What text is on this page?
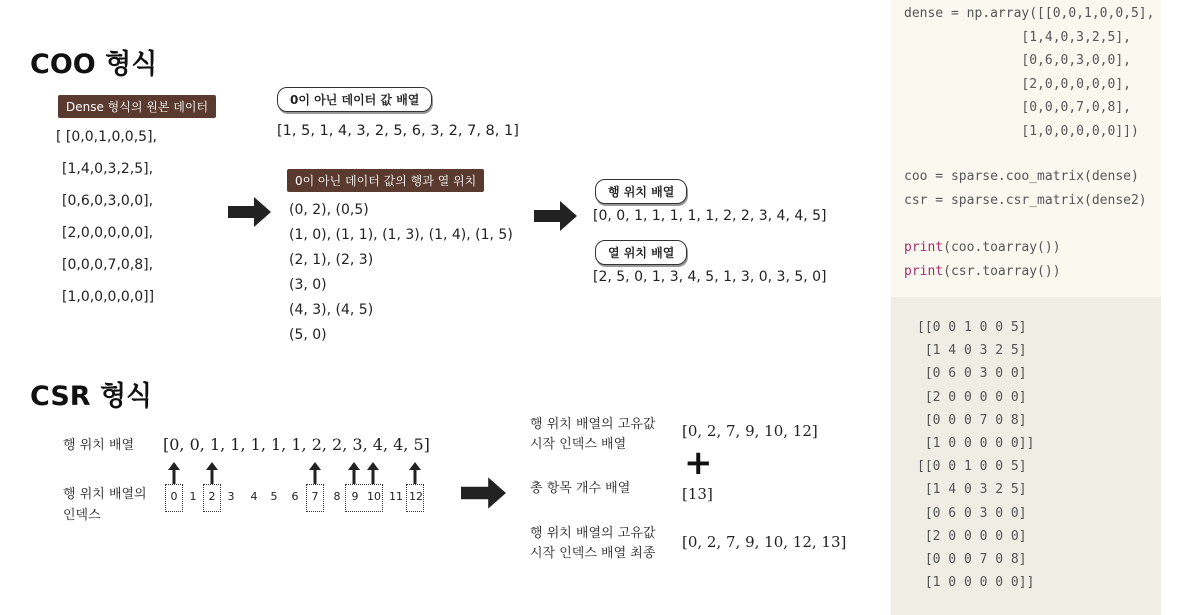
COO 형식
Dense 형식의 원본 데이터
[ [0,0,1,0,0,5],
[1,4,0,3,2,5],
[0,6,0,3,0,0],
[2,0,0,0,0,0],
[0,0,0,7,0,8],
[1,0,0,0,0,0]]
0이 아닌 데이터 값 배열
[1, 5, 1, 4, 3, 2, 5, 6, 3, 2, 7, 8, 1]
0이 아닌 데이터 값의 행과 열 위치
(0, 2), (0,5)
(1, 0), (1, 1), (1, 3), (1, 4), (1, 5)
(2, 1), (2, 3)
(3, 0)
(4, 3), (4, 5)
(5, 0)
행 위치 배열
[0, 0, 1, 1, 1, 1, 1, 2, 2, 3, 4, 4, 5]
열 위치 배열
[2, 5, 0, 1, 3, 4, 5, 1, 3, 0, 3, 5, 0]
CSR 형식
행 위치 배열 [0, 0, 1, 1, 1, 1, 1, 2, 2, 3, 4, 4, 5]
행 위치 배열의
인덱스
0	1	2	3	4	5	6	7	8	9 10 11 12
행 위치 배열의 고유값
시작 인덱스 배열
[0, 2, 7, 9, 10, 12]
+
총 항목 개수 배열	[13]
행 위치 배열의 고유값
시작 인덱스 배열 최종
[0, 2, 7, 9, 10, 12, 13]
dense = np.array([[0,0,1,0,0,5],
[1,4,0,3,2,5],
[0,6,0,3,0,0],
[2,0,0,0,0,0],
[0,0,0,7,0,8],
[1,0,0,0,0,0]])
coo = sparse.coo_matrix(dense)
csr = sparse.csr_matrix(dense2)
print(coo.toarray())
print(csr.toarray())
[[0 0 1 0 0 5]
[1 4 0 3 2 5]
[0 6 0 3 0 0]
[2 0 0 0 0 0]
[0 0 0 7 0 8]
[1 0 0 0 0 0]]
[[0 0 1 0 0 5]
[1 4 0 3 2 5]
[0 6 0 3 0 0]
[2 0 0 0 0 0]
[0 0 0 7 0 8]
[1 0 0 0 0 0]]
